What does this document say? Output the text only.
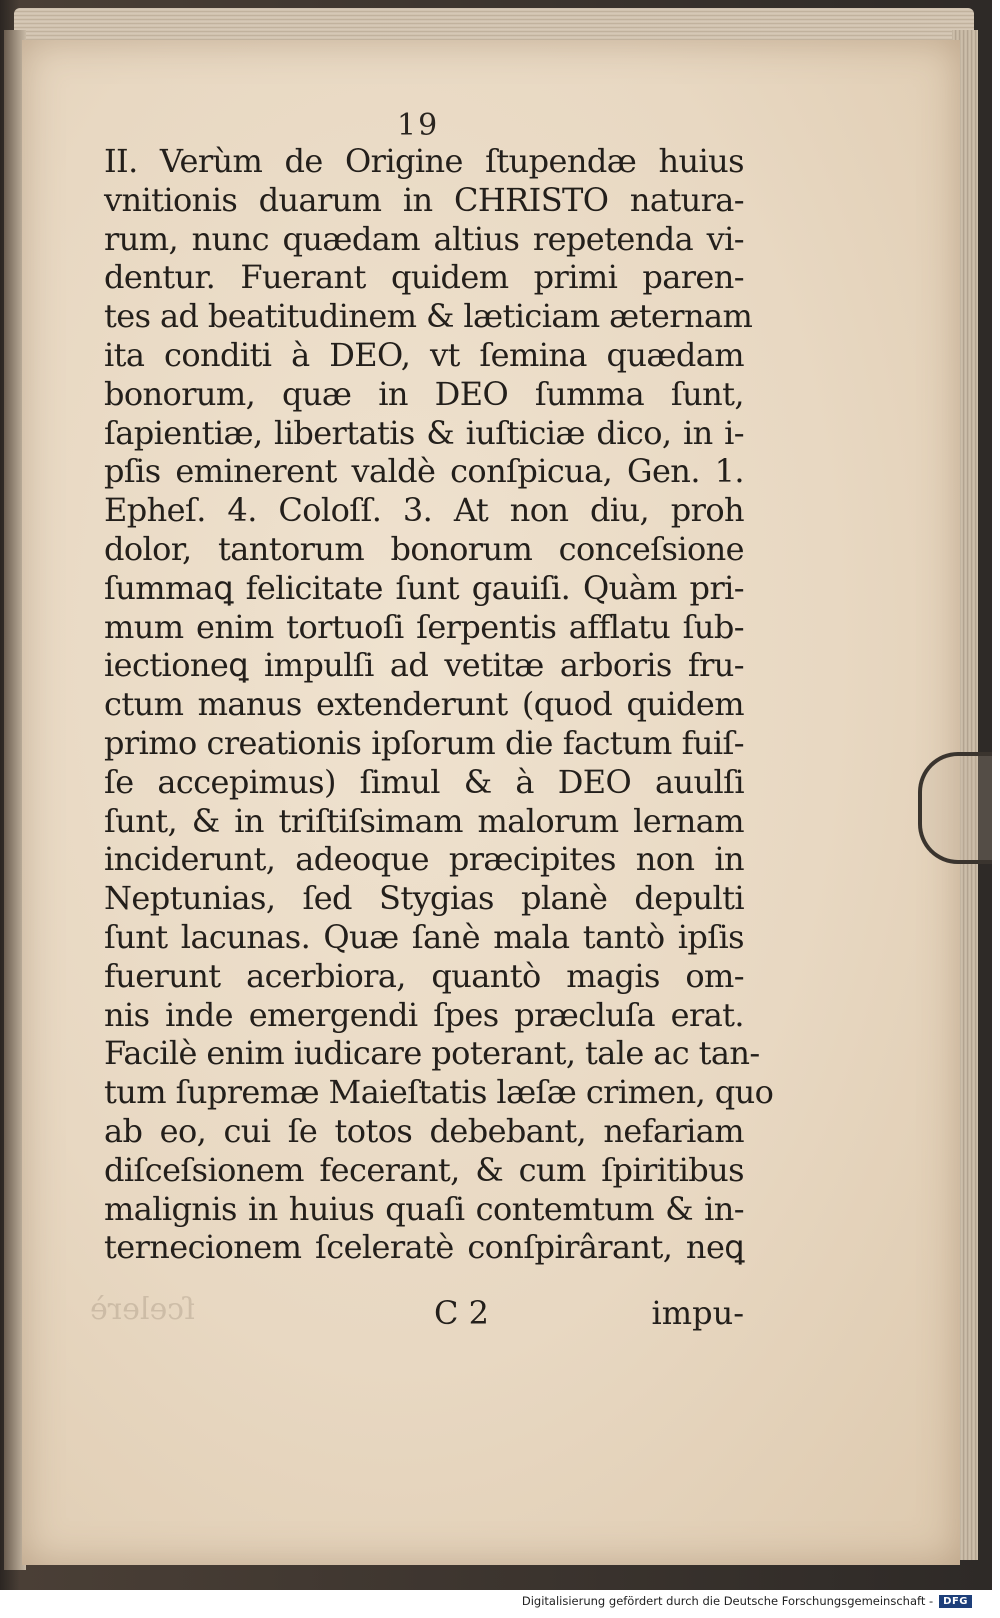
19
II. Verùm de Origine ſtupendæ huius
vnitionis duarum in CHRISTO natura-
rum, nunc quædam altius repetenda vi-
dentur. Fuerant quidem primi paren-
tes ad beatitudinem & læticiam æternam
ita conditi à DEO, vt ſemina quædam
bonorum, quæ in DEO ſumma ſunt,
ſapientiæ, libertatis & iuſticiæ dico, in i-
pſis eminerent valdè conſpicua, Gen. 1.
Epheſ. 4. Coloſſ. 3. At non diu, proh
dolor, tantorum bonorum conceſsione
ſummaꝗ felicitate ſunt gauiſi. Quàm pri-
mum enim tortuoſi ſerpentis afflatu ſub-
iectioneꝗ impulſi ad vetitæ arboris fru-
ctum manus extenderunt (quod quidem
primo creationis ipſorum die factum fuiſ-
ſe accepimus) ſimul & à DEO auulſi
ſunt, & in triſtiſsimam malorum lernam
inciderunt, adeoque præcipites non in
Neptunias, ſed Stygias planè depulti
ſunt lacunas. Quæ ſanè mala tantò ipſis
fuerunt acerbiora, quantò magis om-
nis inde emergendi ſpes præcluſa erat.
Facilè enim iudicare poterant, tale ac tan-
tum ſupremæ Maieſtatis læſæ crimen, quo
ab eo, cui ſe totos debebant, nefariam
diſceſsionem fecerant, & cum ſpiritibus
malignis in huius quaſi contemtum & in-
ternecionem ſceleratè conſpirârant, neꝗ
ſcelerè	C 2	impu-
Digitalisierung gefördert durch die Deutsche Forschungsgemeinschaft -	DFG
